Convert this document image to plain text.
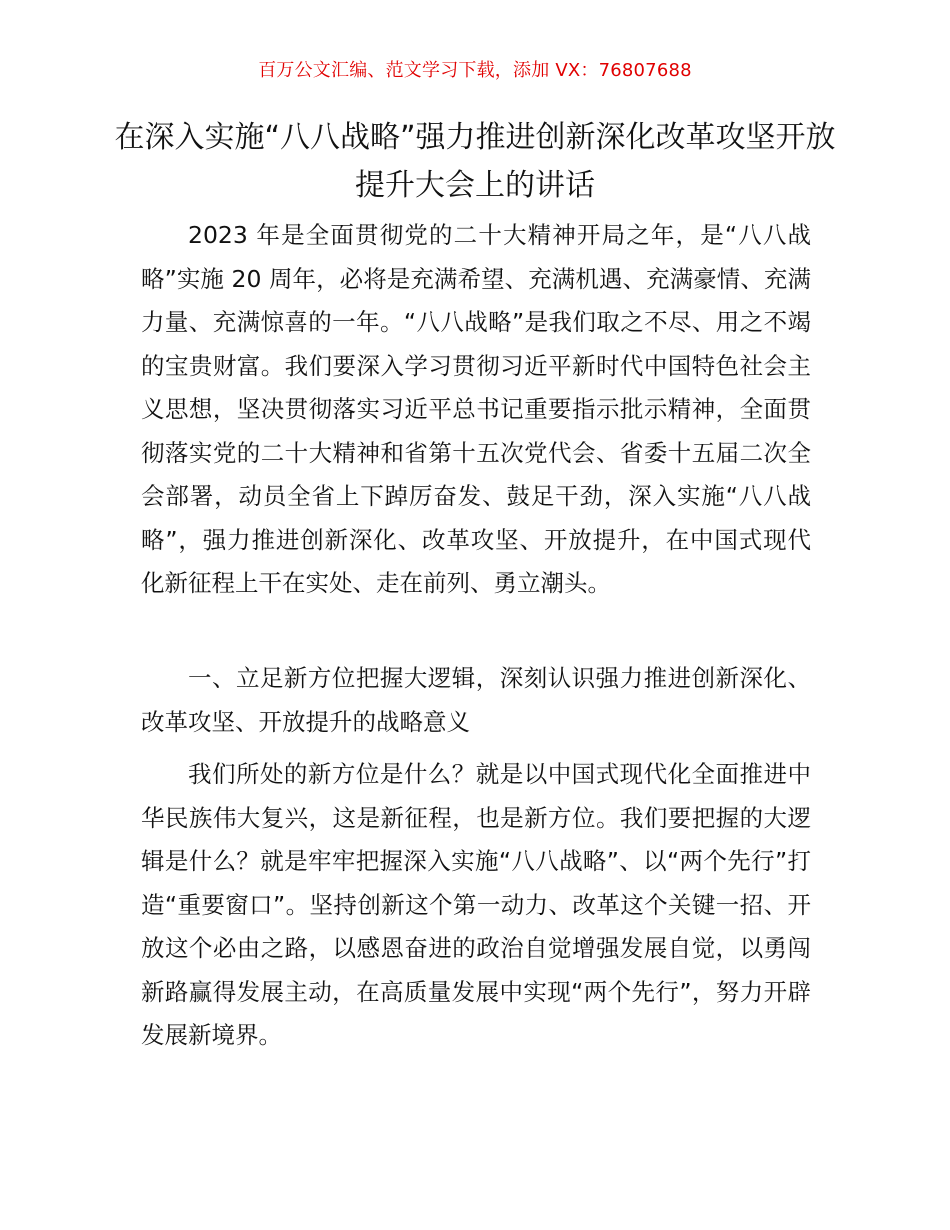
百万公文汇编、范文学习下载，添加 VX：76807688
在深入实施“八八战略”强力推进创新深化改革攻坚开放提升大会上的讲话

2023 年是全面贯彻党的二十大精神开局之年，是“八八战略”实施 20 周年，必将是充满希望、充满机遇、充满豪情、充满力量、充满惊喜的一年。“八八战略”是我们取之不尽、用之不竭的宝贵财富。我们要深入学习贯彻习近平新时代中国特色社会主义思想，坚决贯彻落实习近平总书记重要指示批示精神，全面贯彻落实党的二十大精神和省第十五次党代会、省委十五届二次全会部署，动员全省上下踔厉奋发、鼓足干劲，深入实施“八八战略”，强力推进创新深化、改革攻坚、开放提升，在中国式现代化新征程上干在实处、走在前列、勇立潮头。

一、立足新方位把握大逻辑，深刻认识强力推进创新深化、改革攻坚、开放提升的战略意义

我们所处的新方位是什么？就是以中国式现代化全面推进中华民族伟大复兴，这是新征程，也是新方位。我们要把握的大逻辑是什么？就是牢牢把握深入实施“八八战略”、以“两个先行”打造“重要窗口”。坚持创新这个第一动力、改革这个关键一招、开放这个必由之路，以感恩奋进的政治自觉增强发展自觉，以勇闯新路赢得发展主动，在高质量发展中实现“两个先行”，努力开辟发展新境界。
